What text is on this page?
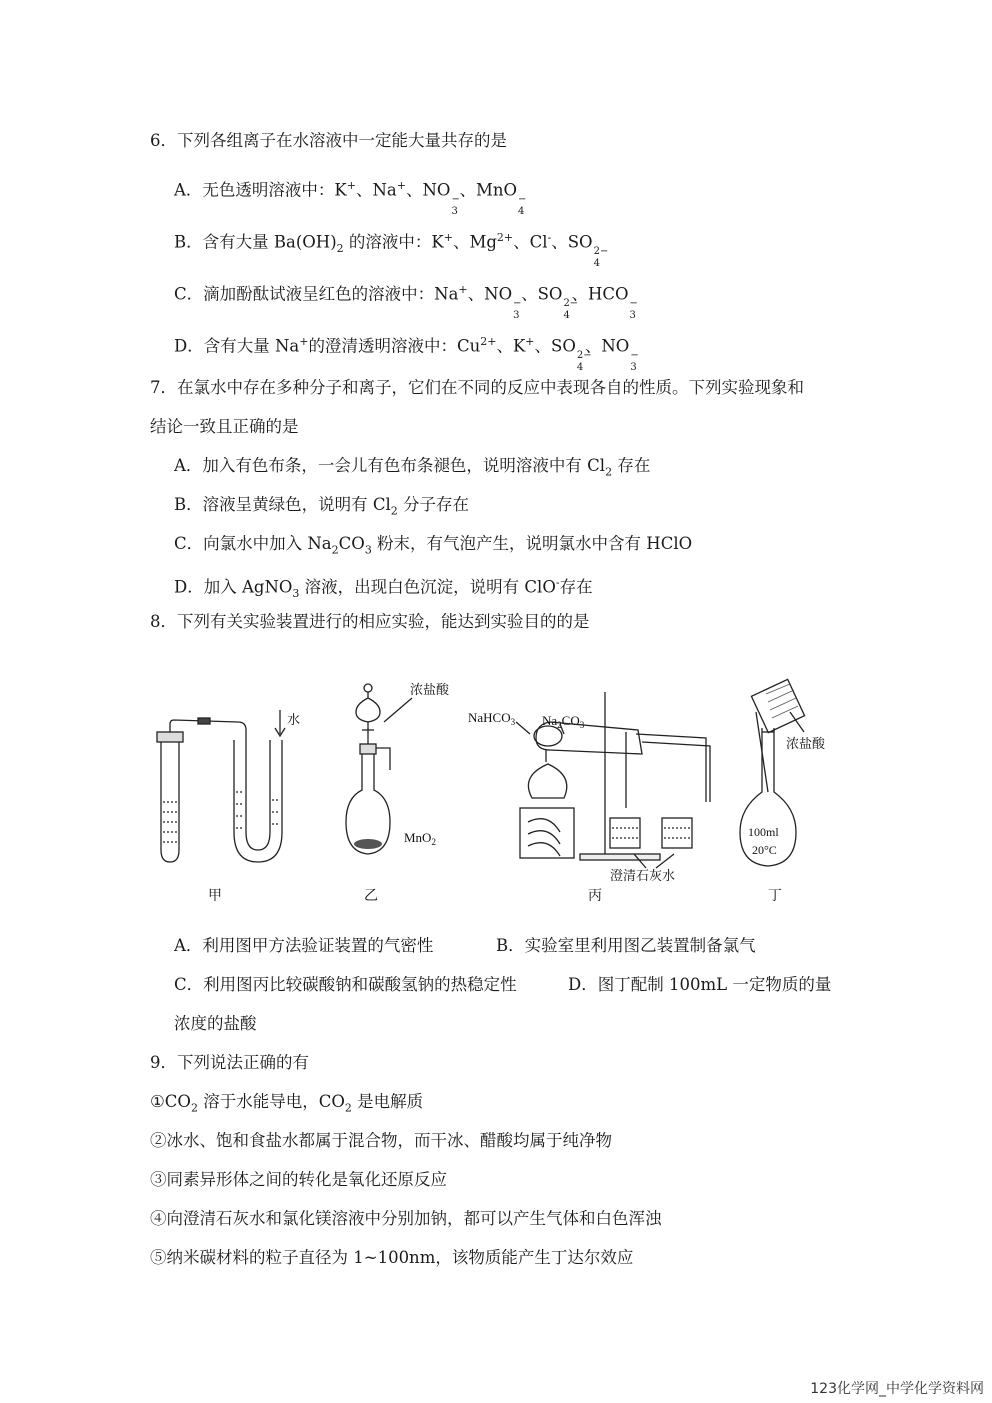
6．下列各组离子在水溶液中一定能大量共存的是
A．无色透明溶液中：K+、Na+、NO −
3
、MnO −
4
B．含有大量 $Ba(OH)_2$ 的溶液中：K+、$Mg^{2+}$、Cl-、SO 2−
4
C．滴加酚酞试液呈红色的溶液中：Na+、NO −
3
、SO 2−
4
、HCO −
3
D．含有大量 Na+的澄清透明溶液中：$Cu^{2+}$、K+、SO 2−
4
、NO −
3
7．在氯水中存在多种分子和离子，它们在不同的反应中表现各自的性质。下列实验现象和
结论一致且正确的是
A．加入有色布条，一会儿有色布条褪色，说明溶液中有 $Cl_2$ 存在
B．溶液呈黄绿色，说明有 $Cl_2$ 分子存在
C．向氯水中加入 $Na_2CO_3$ 粉末，有气泡产生，说明氯水中含有 HClO
D．加入 AgNO$_3$ 溶液，出现白色沉淀，说明有 ClO-存在
8．下列有关实验装置进行的相应实验，能达到实验目的的是
水
浓盐酸
MnO$_2$
NaHCO$_3$ $Na_2CO_3$
澄清石灰水
浓盐酸
100ml
20°C
甲	乙	丙	丁
A．利用图甲方法验证装置的气密性	B．实验室里利用图乙装置制备氯气
C．利用图丙比较碳酸钠和碳酸氢钠的热稳定性	D．图丁配制 100mL 一定物质的量
浓度的盐酸
9．下列说法正确的有
$①CO_2$ 溶于水能导电，$CO_2$ 是电解质
②冰水、饱和食盐水都属于混合物，而干冰、醋酸均属于纯净物
③同素异形体之间的转化是氧化还原反应
④向澄清石灰水和氯化镁溶液中分别加钠，都可以产生气体和白色浑浊
⑤纳米碳材料的粒子直径为 1~100nm，该物质能产生丁达尔效应
123化学网_中学化学资料网
